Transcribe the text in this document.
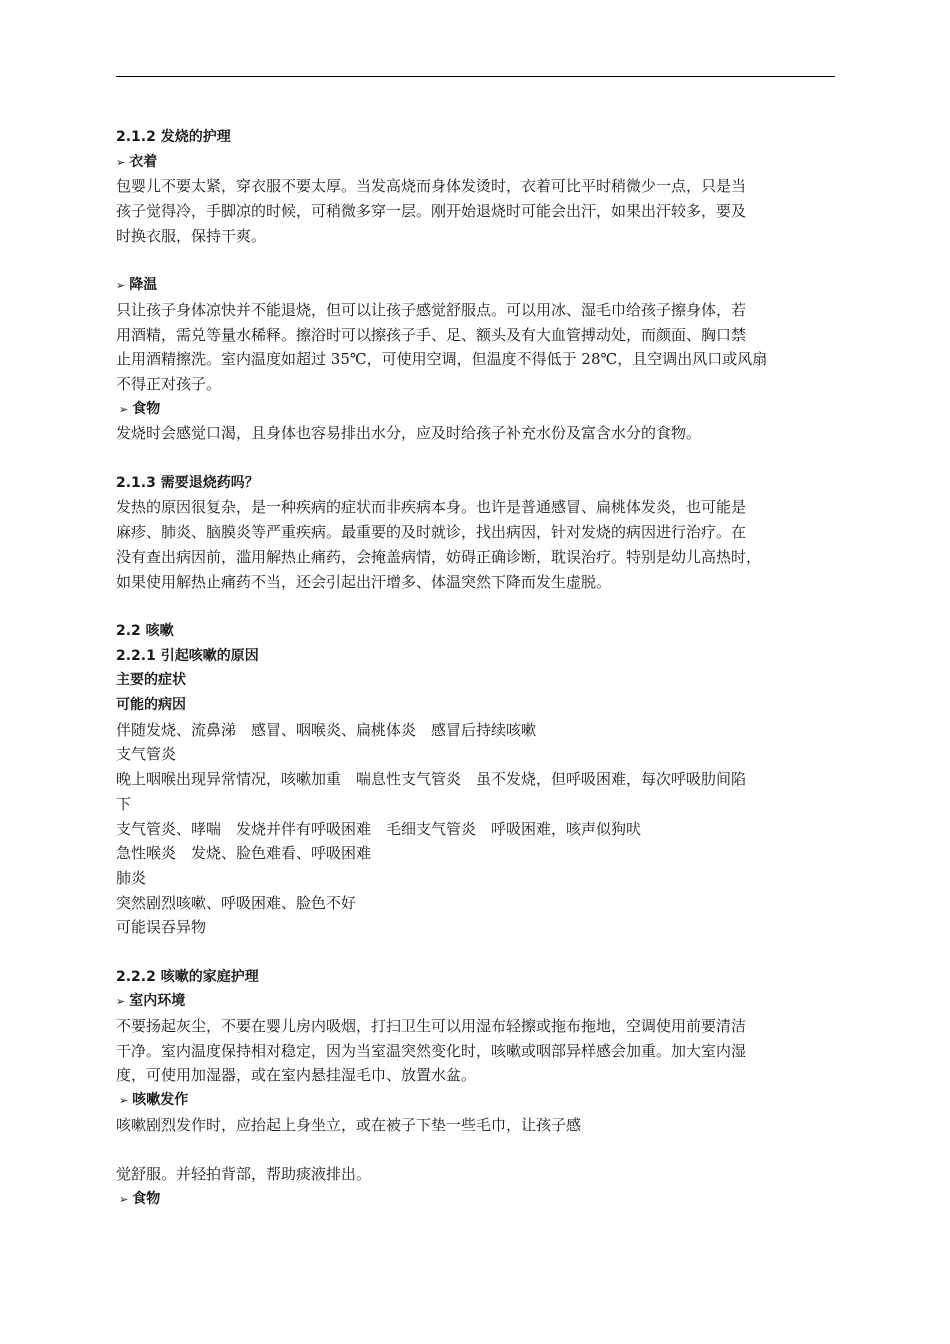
2.1.2 发烧的护理
➢ 衣着
包婴儿不要太紧，穿衣服不要太厚。当发高烧而身体发烫时，衣着可比平时稍微少一点，只是当
孩子觉得冷，手脚凉的时候，可稍微多穿一层。刚开始退烧时可能会出汗，如果出汗较多，要及
时换衣服，保持干爽。
➢ 降温
只让孩子身体凉快并不能退烧，但可以让孩子感觉舒服点。可以用冰、湿毛巾给孩子擦身体，若
用酒精，需兑等量水稀释。擦浴时可以擦孩子手、足、额头及有大血管搏动处，而颜面、胸口禁
止用酒精擦洗。室内温度如超过 35℃，可使用空调，但温度不得低于 28℃，且空调出风口或风扇
不得正对孩子。
➢ 食物
发烧时会感觉口渴，且身体也容易排出水分，应及时给孩子补充水份及富含水分的食物。
2.1.3 需要退烧药吗？
发热的原因很复杂，是一种疾病的症状而非疾病本身。也许是普通感冒、扁桃体发炎，也可能是
麻疹、肺炎、脑膜炎等严重疾病。最重要的及时就诊，找出病因，针对发烧的病因进行治疗。在
没有查出病因前，滥用解热止痛药，会掩盖病情，妨碍正确诊断，耽误治疗。特别是幼儿高热时，
如果使用解热止痛药不当，还会引起出汗增多、体温突然下降而发生虚脱。
2.2 咳嗽
2.2.1 引起咳嗽的原因
主要的症状
可能的病因
伴随发烧、流鼻涕　感冒、咽喉炎、扁桃体炎　感冒后持续咳嗽
支气管炎
晚上咽喉出现异常情况，咳嗽加重　喘息性支气管炎　虽不发烧，但呼吸困难，每次呼吸肋间陷
下
支气管炎、哮喘　发烧并伴有呼吸困难　毛细支气管炎　呼吸困难，咳声似狗吠
急性喉炎　发烧、脸色难看、呼吸困难
肺炎
突然剧烈咳嗽、呼吸困难、脸色不好
可能误吞异物
2.2.2 咳嗽的家庭护理
➢ 室内环境
不要扬起灰尘，不要在婴儿房内吸烟，打扫卫生可以用湿布轻擦或拖布拖地，空调使用前要清洁
干净。室内温度保持相对稳定，因为当室温突然变化时，咳嗽或咽部异样感会加重。加大室内湿
度，可使用加湿器，或在室内悬挂湿毛巾、放置水盆。
➢ 咳嗽发作
咳嗽剧烈发作时，应抬起上身坐立，或在被子下垫一些毛巾，让孩子感
觉舒服。并轻拍背部，帮助痰液排出。
➢ 食物
